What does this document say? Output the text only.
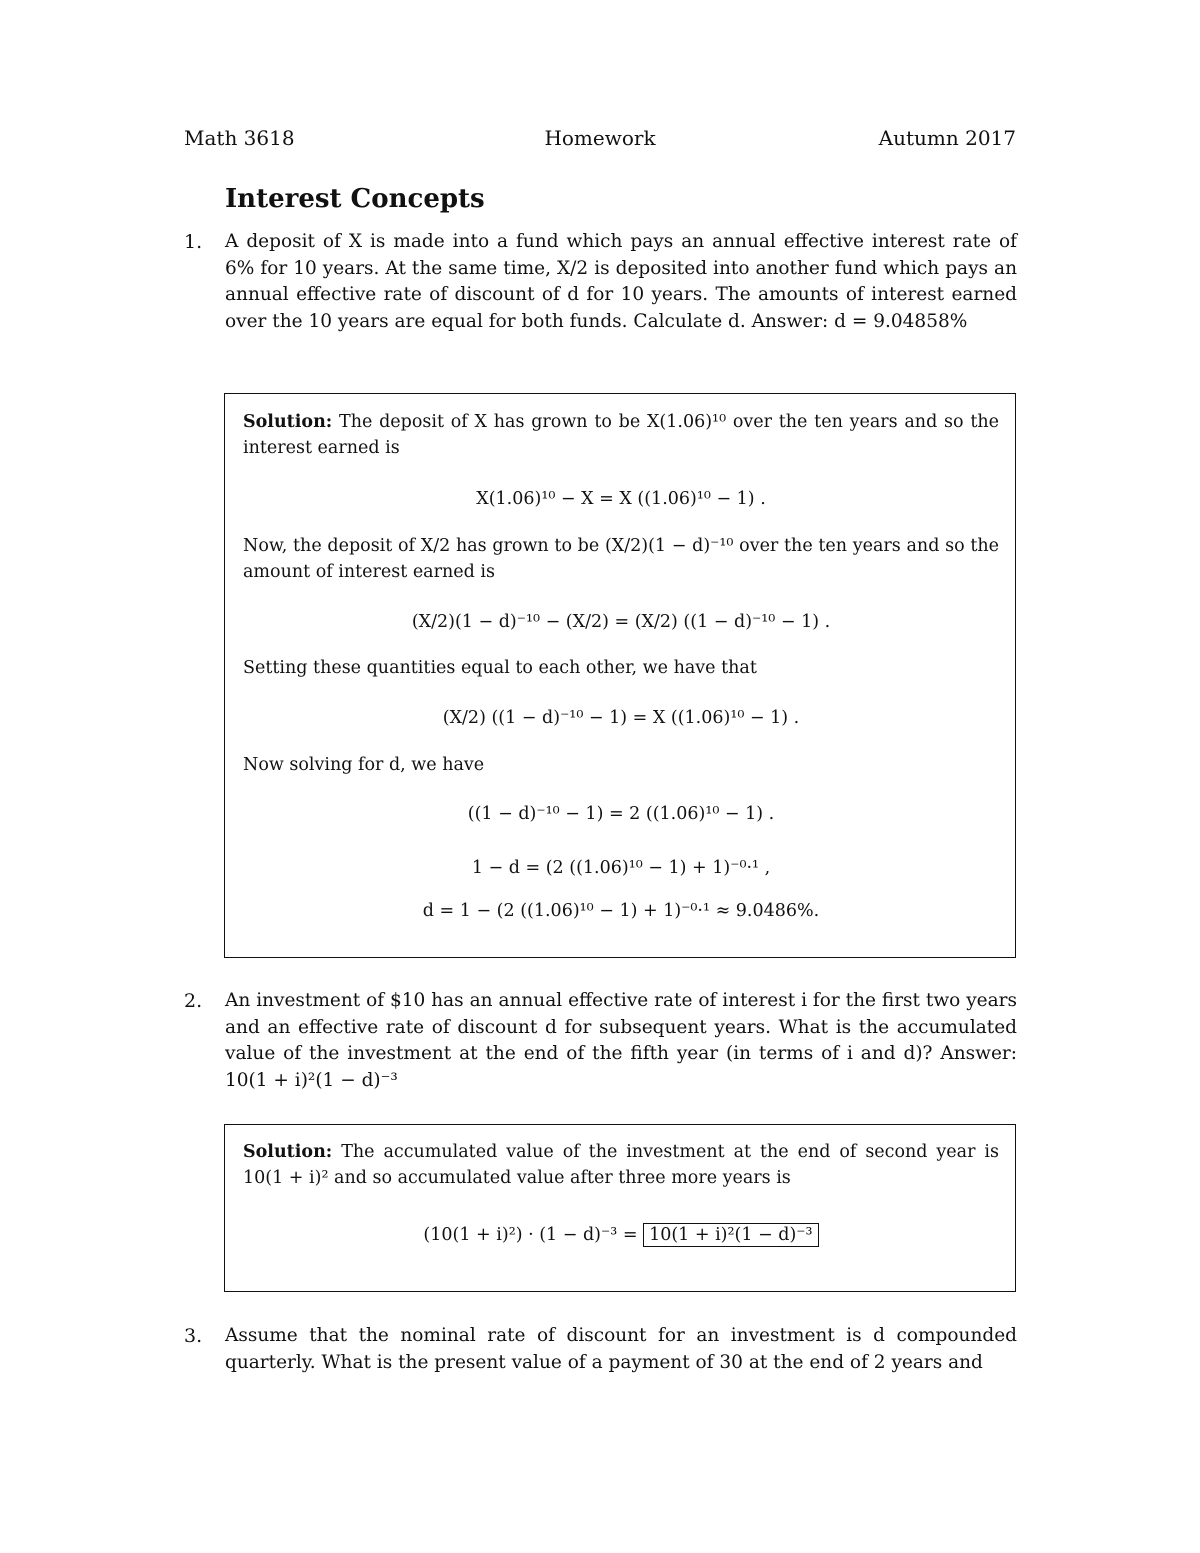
Math 3618	Homework	Autumn 2017
Interest Concepts
1.	A deposit of X is made into a fund which pays an annual effective interest rate of 6% for 10 years. At the same time, X/2 is deposited into another fund which pays an annual effective rate of discount of d for 10 years. The amounts of interest earned over the 10 years are equal for both funds. Calculate d. Answer: d = 9.04858%
Solution: The deposit of X has grown to be X(1.06)¹⁰ over the ten years and so the interest earned is
X(1.06)¹⁰ − X = X ((1.06)¹⁰ − 1) .
Now, the deposit of X/2 has grown to be (X/2)(1 − d)⁻¹⁰ over the ten years and so the amount of interest earned is
(X/2)(1 − d)⁻¹⁰ − (X/2) = (X/2) ((1 − d)⁻¹⁰ − 1) .
Setting these quantities equal to each other, we have that
(X/2) ((1 − d)⁻¹⁰ − 1) = X ((1.06)¹⁰ − 1) .
Now solving for d, we have
((1 − d)⁻¹⁰ − 1) = 2 ((1.06)¹⁰ − 1) .
1 − d = (2 ((1.06)¹⁰ − 1) + 1)⁻⁰·¹ ,
d = 1 − (2 ((1.06)¹⁰ − 1) + 1)⁻⁰·¹ ≈ 9.0486%.
2.	An investment of $10 has an annual effective rate of interest i for the first two years and an effective rate of discount d for subsequent years. What is the accumulated value of the investment at the end of the fifth year (in terms of i and d)? Answer: 10(1 + i)²(1 − d)⁻³
Solution: The accumulated value of the investment at the end of second year is 10(1 + i)² and so accumulated value after three more years is
(10(1 + i)²) · (1 − d)⁻³ = 10(1 + i)²(1 − d)⁻³
3.	Assume that the nominal rate of discount for an investment is d compounded quarterly. What is the present value of a payment of 30 at the end of 2 years and
